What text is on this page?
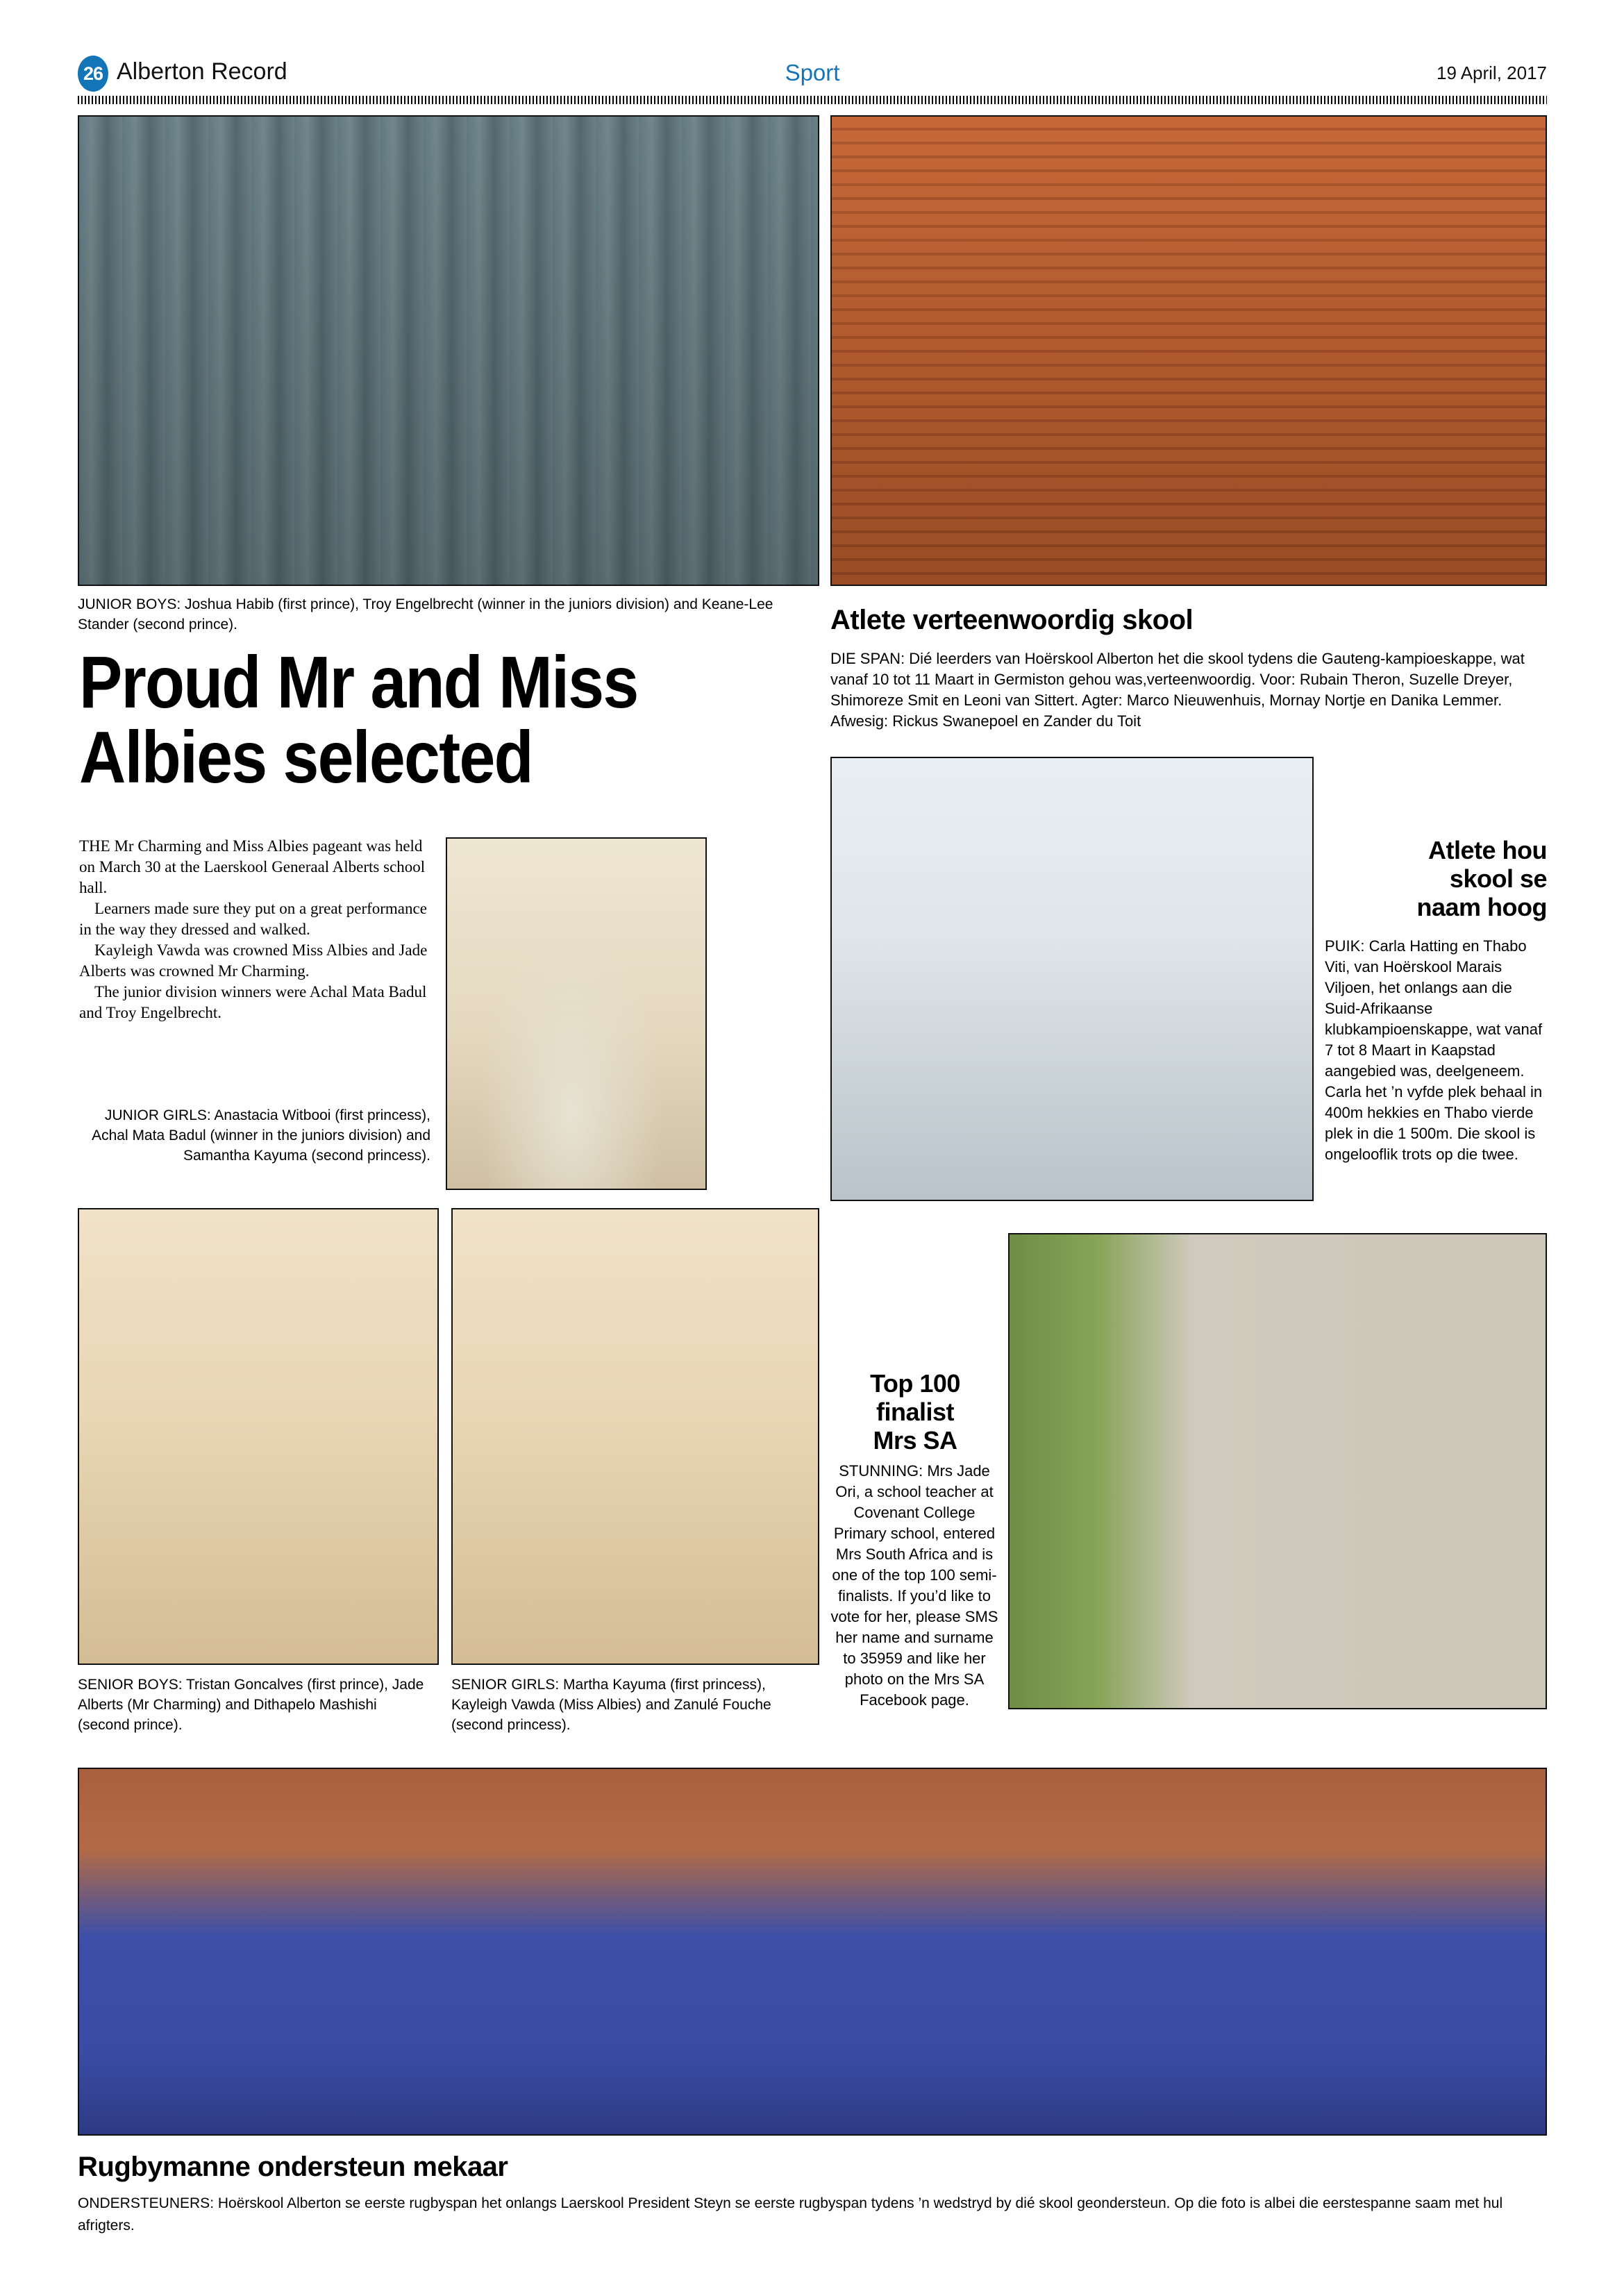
26 Alberton Record	Sport	19 April, 2017
JUNIOR BOYS: Joshua Habib (first prince), Troy Engelbrecht (winner in the juniors division) and Keane-Lee Stander (second prince).
Proud Mr and Miss
Albies selected

THE Mr Charming and Miss Albies pageant was held on March 30 at the Laerskool Generaal Alberts school hall.

Learners made sure they put on a great performance in the way they dressed and walked.

Kayleigh Vawda was crowned Miss Albies and Jade Alberts was crowned Mr Charming.

The junior division winners were Achal Mata Badul and Troy Engelbrecht.

JUNIOR GIRLS: Anastacia Witbooi (first princess), Achal Mata Badul (winner in the juniors division) and Samantha Kayuma (second princess).
Atlete verteenwoordig skool
DIE SPAN: Dié leerders van Hoërskool Alberton het die skool tydens die Gauteng-kampioeskappe, wat vanaf 10 tot 11 Maart in Germiston gehou was,verteenwoordig. Voor: Rubain Theron, Suzelle Dreyer, Shimoreze Smit en Leoni van Sittert. Agter: Marco Nieuwenhuis, Mornay Nortje en Danika Lemmer. Afwesig: Rickus Swanepoel en Zander du Toit
Atlete hou
skool se
naam hoog
PUIK: Carla Hatting en Thabo Viti, van Hoërskool Marais Viljoen, het onlangs aan die Suid-Afrikaanse klubkampioenskappe, wat vanaf 7 tot 8 Maart in Kaapstad aangebied was, deelgeneem. Carla het ’n vyfde plek behaal in 400m hekkies en Thabo vierde plek in die 1 500m. Die skool is ongelooflik trots op die twee.
SENIOR BOYS: Tristan Goncalves (first prince), Jade Alberts (Mr Charming) and Dithapelo Mashishi (second prince).
SENIOR GIRLS: Martha Kayuma (first princess), Kayleigh Vawda (Miss Albies) and Zanulé Fouche (second princess).
Top 100
finalist
Mrs SA
STUNNING: Mrs Jade Ori, a school teacher at Covenant College Primary school, entered Mrs South Africa and is one of the top 100 semi-finalists. If you’d like to vote for her, please SMS her name and surname to 35959 and like her photo on the Mrs SA Facebook page.
Rugbymanne ondersteun mekaar
ONDERSTEUNERS: Hoërskool Alberton se eerste rugbyspan het onlangs Laerskool President Steyn se eerste rugbyspan tydens ’n wedstryd by dié skool geondersteun. Op die foto is albei die eerstespanne saam met hul afrigters.
